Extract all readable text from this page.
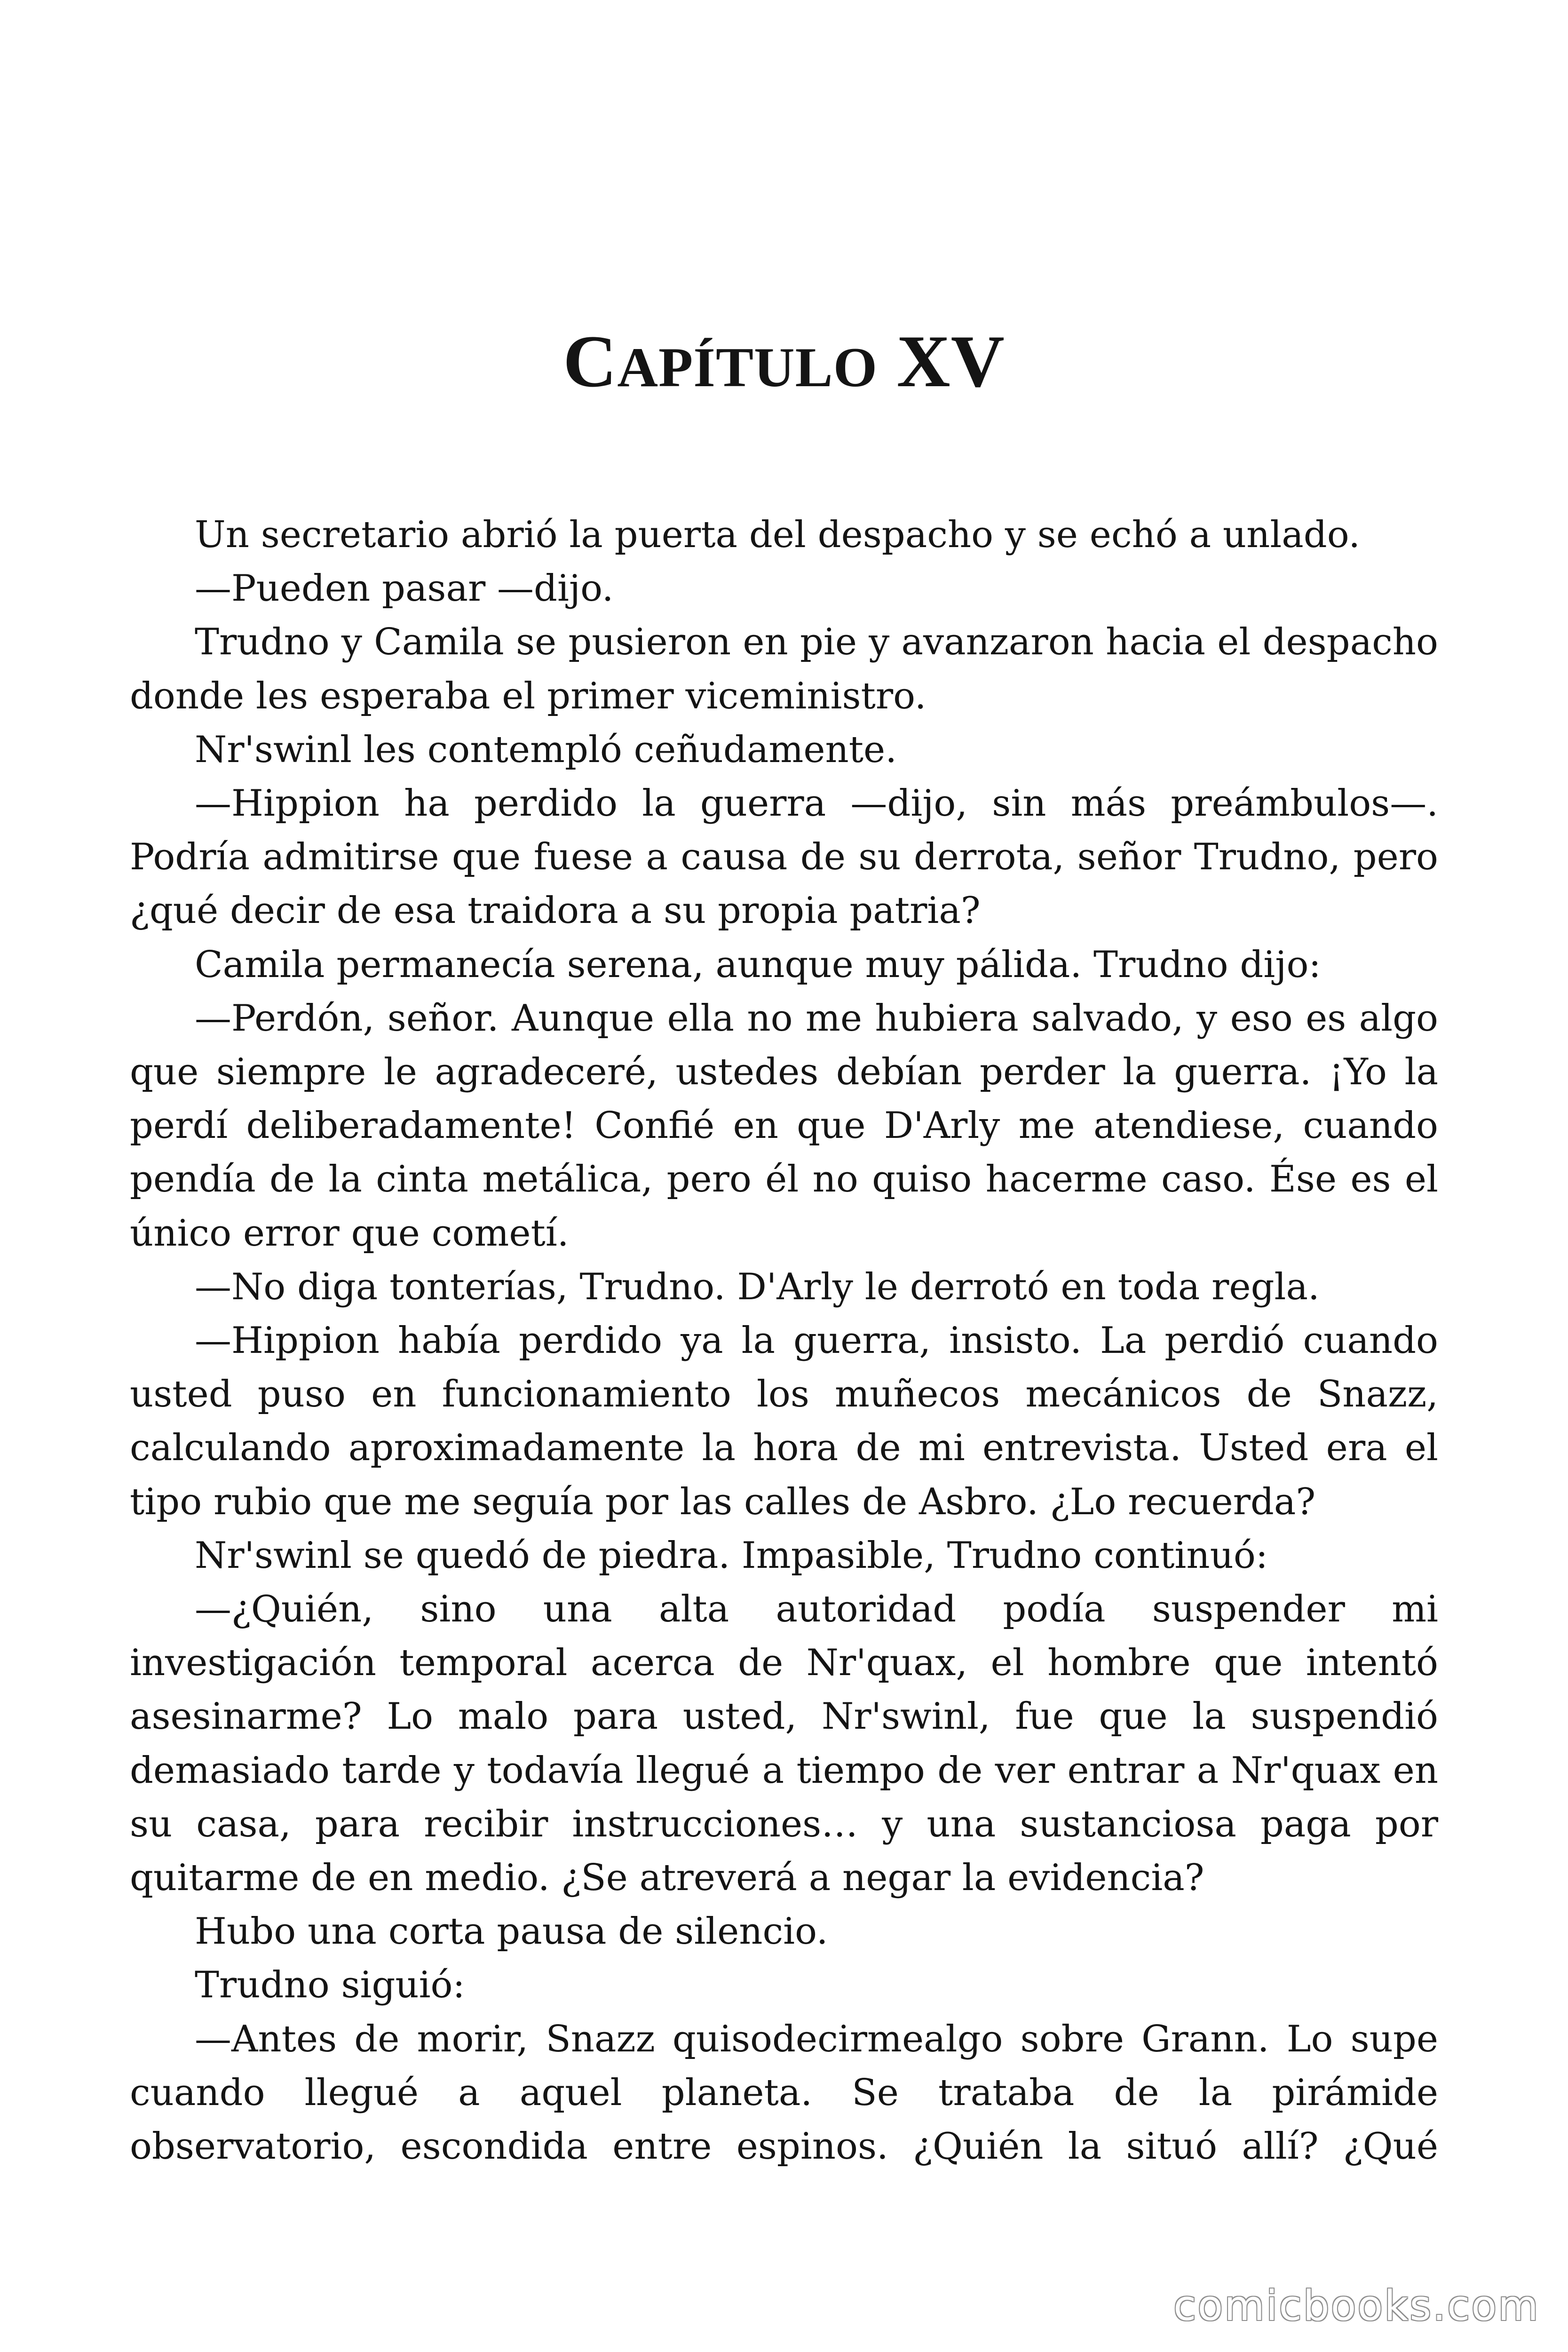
CAPÍTULO XV

Un secretario abrió la puerta del despacho y se echó a unlado.

—Pueden pasar —dijo.

Trudno y Camila se pusieron en pie y avanzaron hacia el despacho donde les esperaba el primer viceministro.

Nr'swinl les contempló ceñudamente.

—Hippion ha perdido la guerra —dijo, sin más preámbulos—. Podría admitirse que fuese a causa de su derrota, señor Trudno, pero ¿qué decir de esa traidora a su propia patria?

Camila permanecía serena, aunque muy pálida. Trudno dijo:

—Perdón, señor. Aunque ella no me hubiera salvado, y eso es algo que siempre le agradeceré, ustedes debían perder la guerra. ¡Yo la perdí deliberadamente! Confié en que D'Arly me atendiese, cuando pendía de la cinta metálica, pero él no quiso hacerme caso. Ése es el único error que cometí.

—No diga tonterías, Trudno. D'Arly le derrotó en toda regla.

—Hippion había perdido ya la guerra, insisto. La perdió cuando usted puso en funcionamiento los muñecos mecánicos de Snazz, calculando aproximadamente la hora de mi entrevista. Usted era el tipo rubio que me seguía por las calles de Asbro. ¿Lo recuerda?

Nr'swinl se quedó de piedra. Impasible, Trudno continuó:

—¿Quién, sino una alta autoridad podía suspender mi investigación temporal acerca de Nr'quax, el hombre que intentó asesinarme? Lo malo para usted, Nr'swinl, fue que la suspendió demasiado tarde y todavía llegué a tiempo de ver entrar a Nr'quax en su casa, para recibir instrucciones… y una sustanciosa paga por quitarme de en medio. ¿Se atreverá a negar la evidencia?

Hubo una corta pausa de silencio.

Trudno siguió:

—Antes de morir, Snazz quisodecirmealgo sobre Grann. Lo supe cuando llegué a aquel planeta. Se trataba de la pirámide observatorio, escondida entre espinos. ¿Quién la situó allí? ¿Qué

comicbooks.com
